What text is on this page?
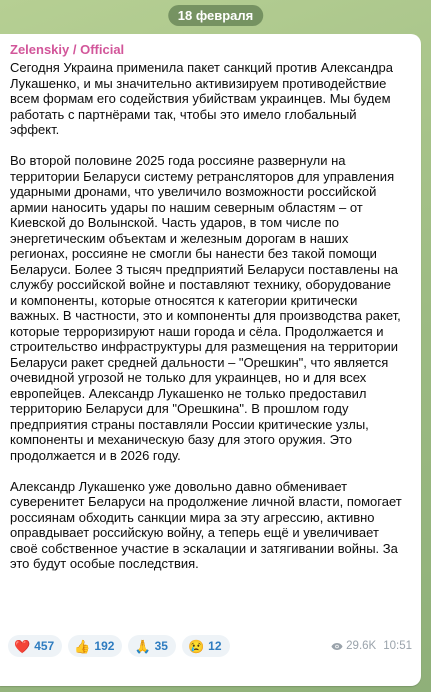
18 февраля
Zelenskiy / Official

Сегодня Украина применила пакет санкций против Александра
Лукашенко, и мы значительно активизируем противодействие
всем формам его содействия убийствам украинцев. Мы будем
работать с партнёрами так, чтобы это имело глобальный
эффект.

Во второй половине 2025 года россияне развернули на
территории Беларуси систему ретрансляторов для управления
ударными дронами, что увеличило возможности российской
армии наносить удары по нашим северным областям – от
Киевской до Волынской. Часть ударов, в том числе по
энергетическим объектам и железным дорогам в наших
регионах, россияне не смогли бы нанести без такой помощи
Беларуси. Более 3 тысяч предприятий Беларуси поставлены на
службу российской войне и поставляют технику, оборудование
и компоненты, которые относятся к категории критически
важных. В частности, это и компоненты для производства ракет,
которые терроризируют наши города и сёла. Продолжается и
строительство инфраструктуры для размещения на территории
Беларуси ракет средней дальности – "Орешкин", что является
очевидной угрозой не только для украинцев, но и для всех
европейцев. Александр Лукашенко не только предоставил
территорию Беларуси для "Орешкина". В прошлом году
предприятия страны поставляли России критические узлы,
компоненты и механическую базу для этого оружия. Это
продолжается и в 2026 году.

Александр Лукашенко уже довольно давно обменивает
суверенитет Беларуси на продолжение личной власти, помогает
россиянам обходить санкции мира за эту агрессию, активно
оправдывает российскую войну, а теперь ещё и увеличивает
своё собственное участие в эскалации и затягивании войны. За
это будут особые последствия.

❤️ 457 👍 192 🙏 35 😢 12	29.6K 10:51
